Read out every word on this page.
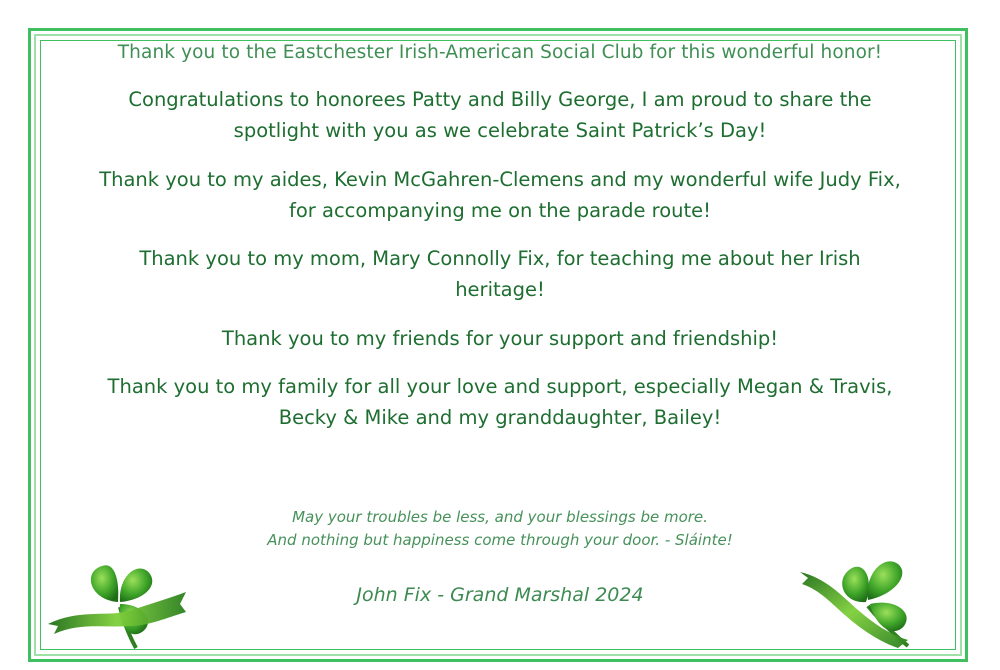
Thank you to the Eastchester Irish-American Social Club for this wonderful honor!

Congratulations to honorees Patty and Billy George, I am proud to share the
spotlight with you as we celebrate Saint Patrick’s Day!

Thank you to my aides, Kevin McGahren-Clemens and my wonderful wife Judy Fix,
for accompanying me on the parade route!

Thank you to my mom, Mary Connolly Fix, for teaching me about her Irish
heritage!

Thank you to my friends for your support and friendship!

Thank you to my family for all your love and support, especially Megan & Travis,
Becky & Mike and my granddaughter, Bailey!

May your troubles be less, and your blessings be more.
And nothing but happiness come through your door. - Sláinte!
John Fix - Grand Marshal 2024
